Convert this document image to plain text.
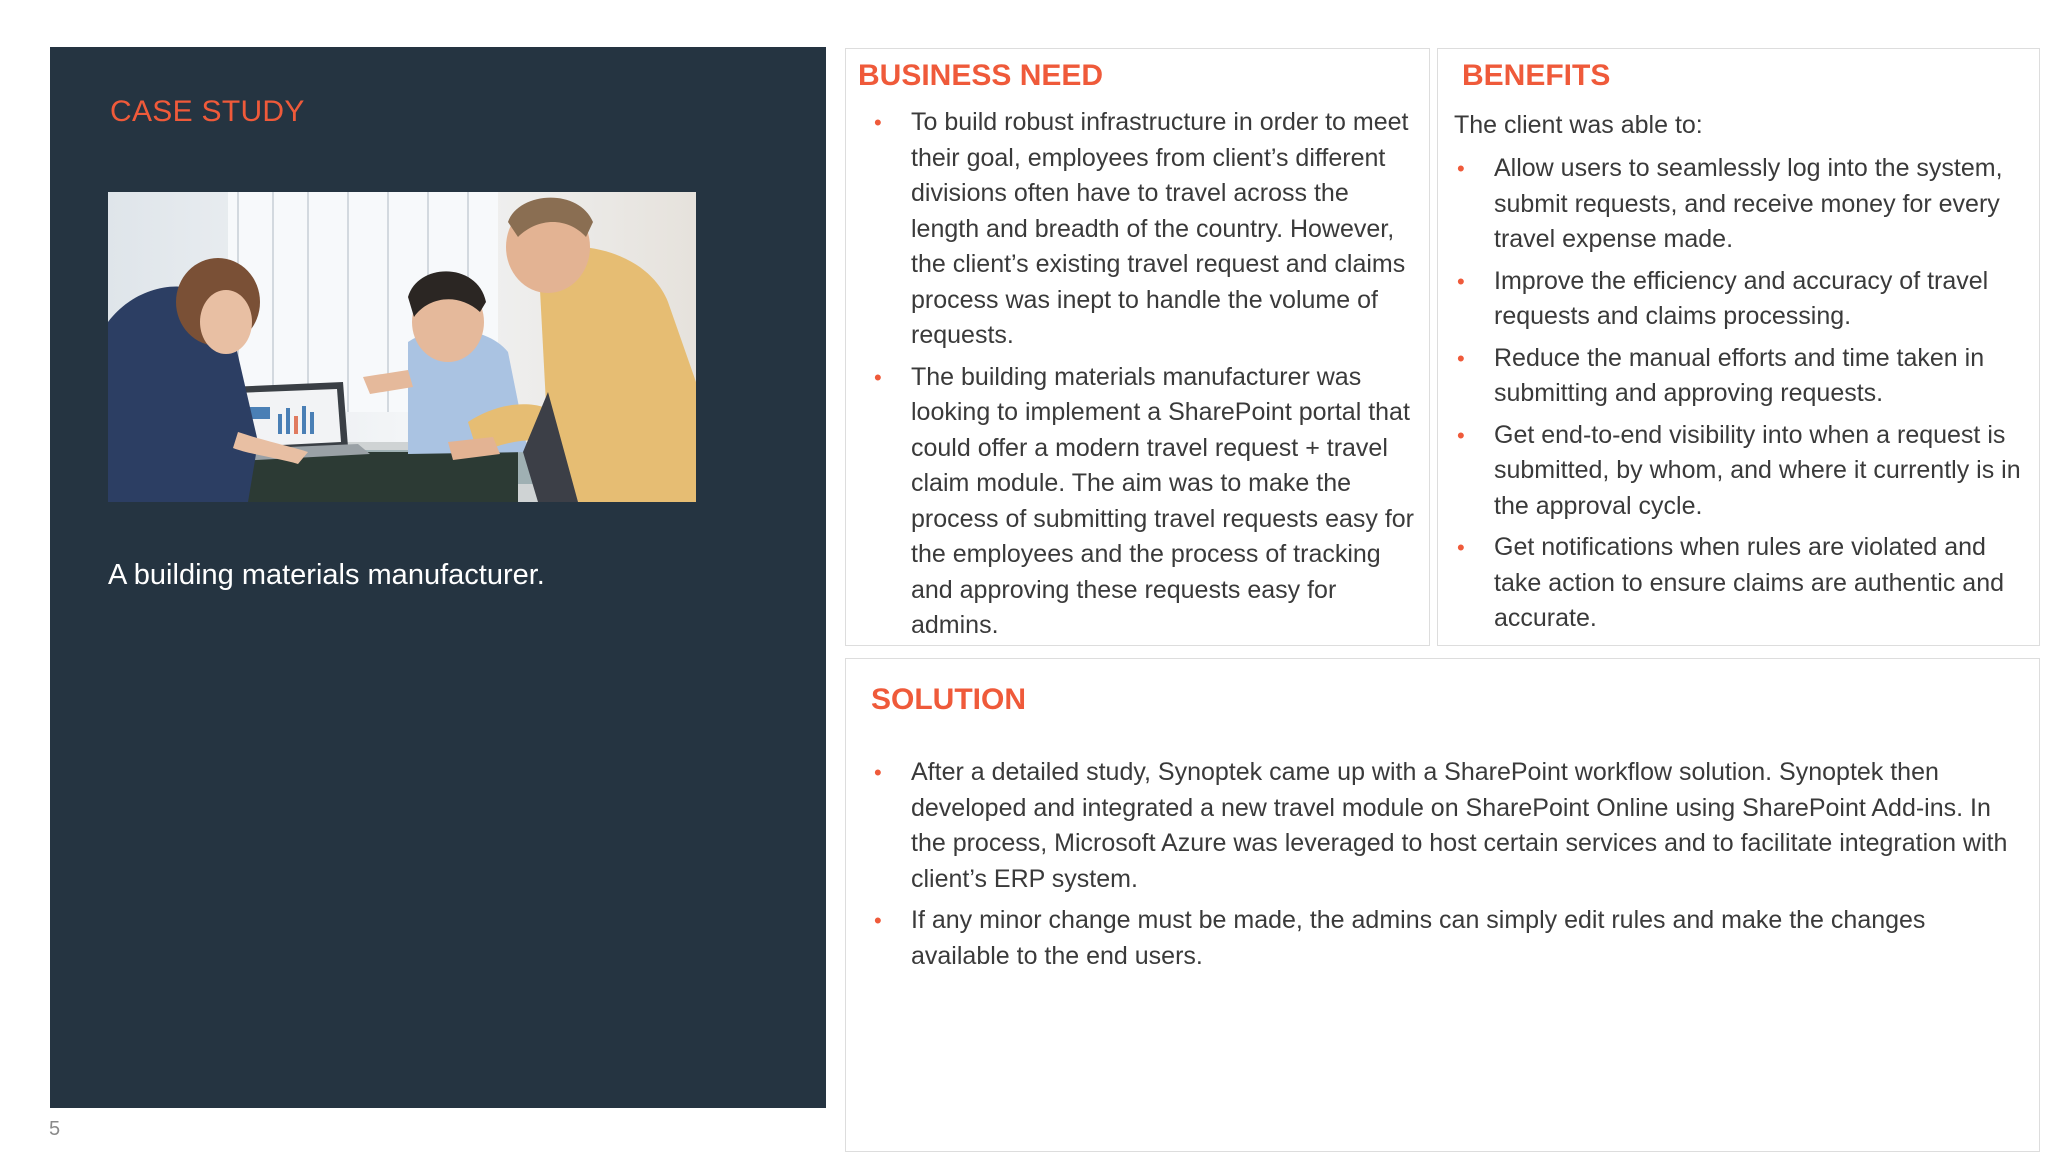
CASE STUDY
A building materials manufacturer.
5
BUSINESS NEED
• To build robust infrastructure in order to meet their goal, employees from client’s different divisions often have to travel across the length and breadth of the country. However, the client’s existing travel request and claims process was inept to handle the volume of requests.
• The building materials manufacturer was looking to implement a SharePoint portal that could offer a modern travel request + travel claim module. The aim was to make the process of submitting travel requests easy for the employees and the process of tracking and approving these requests easy for admins.
BENEFITS
The client was able to:
• Allow users to seamlessly log into the system, submit requests, and receive money for every travel expense made.
• Improve the efficiency and accuracy of travel requests and claims processing.
• Reduce the manual efforts and time taken in submitting and approving requests.
• Get end-to-end visibility into when a request is submitted, by whom, and where it currently is in the approval cycle.
• Get notifications when rules are violated and take action to ensure claims are authentic and accurate.
SOLUTION
• After a detailed study, Synoptek came up with a SharePoint workflow solution. Synoptek then developed and integrated a new travel module on SharePoint Online using SharePoint Add-ins. In the process, Microsoft Azure was leveraged to host certain services and to facilitate integration with client’s ERP system.
• If any minor change must be made, the admins can simply edit rules and make the changes available to the end users.
